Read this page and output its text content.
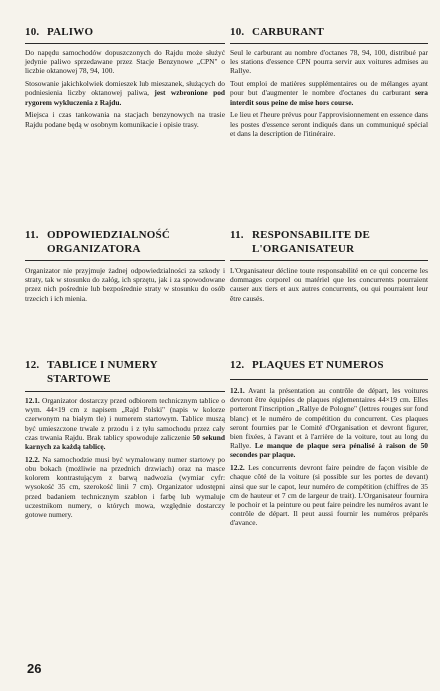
10. PALIWO

Do napędu samochodów dopuszczonych do Rajdu może służyć jedynie paliwo sprzedawane przez Stacje Benzynowe „CPN" o liczbie oktanowej 78, 94, 100.

Stosowanie jakichkolwiek domieszek lub mieszanek, służących do podniesienia liczby oktanowej paliwa, jest wzbronione pod rygorem wykluczenia z Rajdu.

Miejsca i czas tankowania na stacjach benzynowych na trasie Rajdu podane będą w osobnym komunikacie i opisie trasy.

11. ODPOWIEDZIALNOŚĆ
ORGANIZATORA

Organizator nie przyjmuje żadnej odpowiedzialności za szkody i straty, tak w stosunku do załóg, ich sprzętu, jak i za spowodowane przez nich pośrednie lub bezpośrednie straty w stosunku do osób trzecich i ich mienia.

12. TABLICE I NUMERY
STARTOWE

12.1. Organizator dostarczy przed odbiorem technicznym tablice o wym. 44×19 cm z napisem „Rajd Polski" (napis w kolorze czerwonym na białym tle) i numerem startowym. Tablice muszą być umieszczone trwale z przodu i z tyłu samochodu przez cały czas trwania Rajdu. Brak tablicy spowoduje zaliczenie 50 sekund karnych za każdą tablicę.

12.2. Na samochodzie musi być wymalowany numer startowy po obu bokach (możliwie na przednich drzwiach) oraz na masce kolorem kontrastującym z barwą nadwozia (wymiar cyfr: wysokość 35 cm, szerokość linii 7 cm). Organizator udostępni przed badaniem technicznym szablon i farbę lub wymaluje uczestnikom numery, o których mowa, względnie dostarczy gotowe numery.

10. CARBURANT

Seul le carburant au nombre d'octanes 78, 94, 100, distribué par les stations d'essence CPN pourra servir aux voitures admises au Rallye.

Tout emploi de matières supplémentaires ou de mélanges ayant pour but d'augmenter le nombre d'octanes du carburant sera interdit sous peine de mise hors course.

Le lieu et l'heure prévus pour l'approvisionnement en essence dans les postes d'essence seront indiqués dans un communiqué spécial et dans la description de l'itinéraire.

11. RESPONSABILITE DE
L'ORGANISATEUR

L'Organisateur décline toute responsabilité en ce qui concerne les dommages corporel ou matériel que les concurrents pourraient causer aux tiers et aux autres concurrents, ou qui pourraient leur être causés.

12. PLAQUES ET NUMEROS

12.1. Avant la présentation au contrôle de départ, les voitures devront être équipées de plaques réglementaires 44×19 cm. Elles porteront l'inscription „Rallye de Pologne" (lettres rouges sur fond blanc) et le numéro de compétition du concurrent. Ces plaques seront fournies par le Comité d'Organisation et devront figurer, bien fixées, à l'avant et à l'arrière de la voiture, tout au long du Rallye. Le manque de plaque sera pénalisé à raison de 50 secondes par plaque.

12.2. Les concurrents devront faire peindre de façon visible de chaque côté de la voiture (si possible sur les portes de devant) ainsi que sur le capot, leur numéro de compétition (chiffres de 35 cm de hauteur et 7 cm de largeur de trait). L'Organisateur fournira le pochoir et la peinture ou peut faire peindre les numéros avant le contrôle de départ. Il peut aussi fournir les numéros préparés d'avance.

26
